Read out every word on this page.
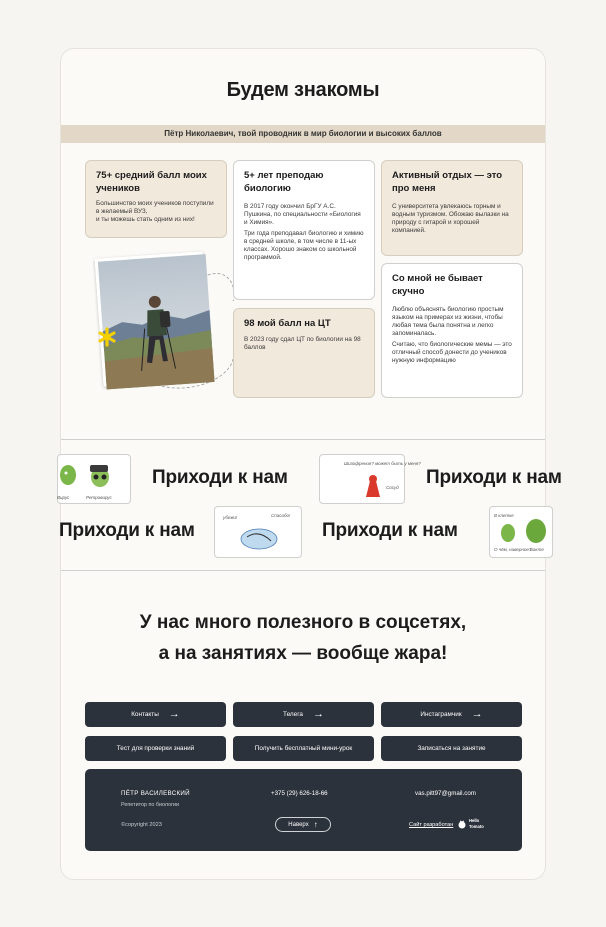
Будем знакомы
Пётр Николаевич, твой проводник в мир биологии и высоких баллов
75+ средний балл моих учеников

Большинство моих учеников поступили в желаемый ВУЗ,

и ты можешь стать одним из них!

5+ лет преподаю биологию

В 2017 году окончил БрГУ А.С. Пушкина, по специальности «Биология и Химия».

Три года преподавал биологию и химию в средней школе, в том числе в 11-ых классах. Хорошо знаком со школьной программой.

Активный отдых — это про меня

С университета увлекаюсь горным и водным туризмом. Обожаю вылазки на природу с гитарой и хорошей компанией.

98 мой балл на ЦТ

В 2023 году сдал ЦТ по биологии на 98 баллов

Со мной не бывает скучно

Люблю объяснять биологию простым языком на примерах из жизни, чтобы любая тема была понятна и легко запоминалась.

Считаю, что биологические мемы — это отличный способ донести до учеников нужную информацию

Вирус	Ретровирус
Приходи к нам
Шизофрения? может быть у меня?
Сосуд Приходи к нам
Приходи к нам
убежи!	Спасибо!
Приходи к нам
В клетке
О чём, наверное?
Бакте
У нас много полезного в соцсетях,
а на занятиях — вообще жара!
Контакты →	Телега →	Инстаграмчик →
Тест для проверки знаний	Получить бесплатный мини-урок	Записаться на занятие
ПЁТР ВАСИЛЕВСКИЙ
Репетитор по биологии
©copyright 2023
+375 (29) 626-18-66	vas.pitt97@gmail.com
Наверх ↑	Сайт разработан
Hello
Tomato
